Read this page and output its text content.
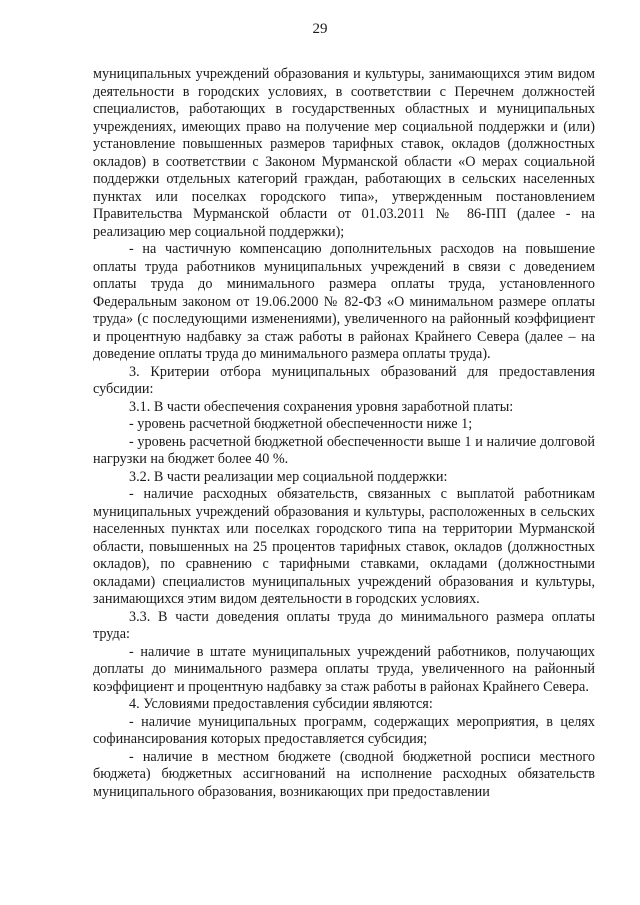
29

муниципальных учреждений образования и культуры, занимающихся этим видом деятельности в городских условиях, в соответствии с Перечнем должностей специалистов, работающих в государственных областных и муниципальных учреждениях, имеющих право на получение мер социальной поддержки и (или) установление повышенных размеров тарифных ставок, окладов (должностных окладов) в соответствии с Законом Мурманской области «О мерах социальной поддержки отдельных категорий граждан, работающих в сельских населенных пунктах или поселках городского типа», утвержденным постановлением Правительства Мурманской области от 01.03.2011 № 86-ПП (далее - на реализацию мер социальной поддержки);

- на частичную компенсацию дополнительных расходов на повышение оплаты труда работников муниципальных учреждений в связи с доведением оплаты труда до минимального размера оплаты труда, установленного Федеральным законом от 19.06.2000 № 82-ФЗ «О минимальном размере оплаты труда» (с последующими изменениями), увеличенного на районный коэффициент и процентную надбавку за стаж работы в районах Крайнего Севера (далее – на доведение оплаты труда до минимального размера оплаты труда).

3. Критерии отбора муниципальных образований для предоставления субсидии:

3.1. В части обеспечения сохранения уровня заработной платы:

- уровень расчетной бюджетной обеспеченности ниже 1;

- уровень расчетной бюджетной обеспеченности выше 1 и наличие долговой нагрузки на бюджет более 40 %.

3.2. В части реализации мер социальной поддержки:

- наличие расходных обязательств, связанных с выплатой работникам муниципальных учреждений образования и культуры, расположенных в сельских населенных пунктах или поселках городского типа на территории Мурманской области, повышенных на 25 процентов тарифных ставок, окладов (должностных окладов), по сравнению с тарифными ставками, окладами (должностными окладами) специалистов муниципальных учреждений образования и культуры, занимающихся этим видом деятельности в городских условиях.

3.3. В части доведения оплаты труда до минимального размера оплаты труда:

- наличие в штате муниципальных учреждений работников, получающих доплаты до минимального размера оплаты труда, увеличенного на районный коэффициент и процентную надбавку за стаж работы в районах Крайнего Севера.

4. Условиями предоставления субсидии являются:

- наличие муниципальных программ, содержащих мероприятия, в целях софинансирования которых предоставляется субсидия;

- наличие в местном бюджете (сводной бюджетной росписи местного бюджета) бюджетных ассигнований на исполнение расходных обязательств муниципального образования, возникающих при предоставлении
